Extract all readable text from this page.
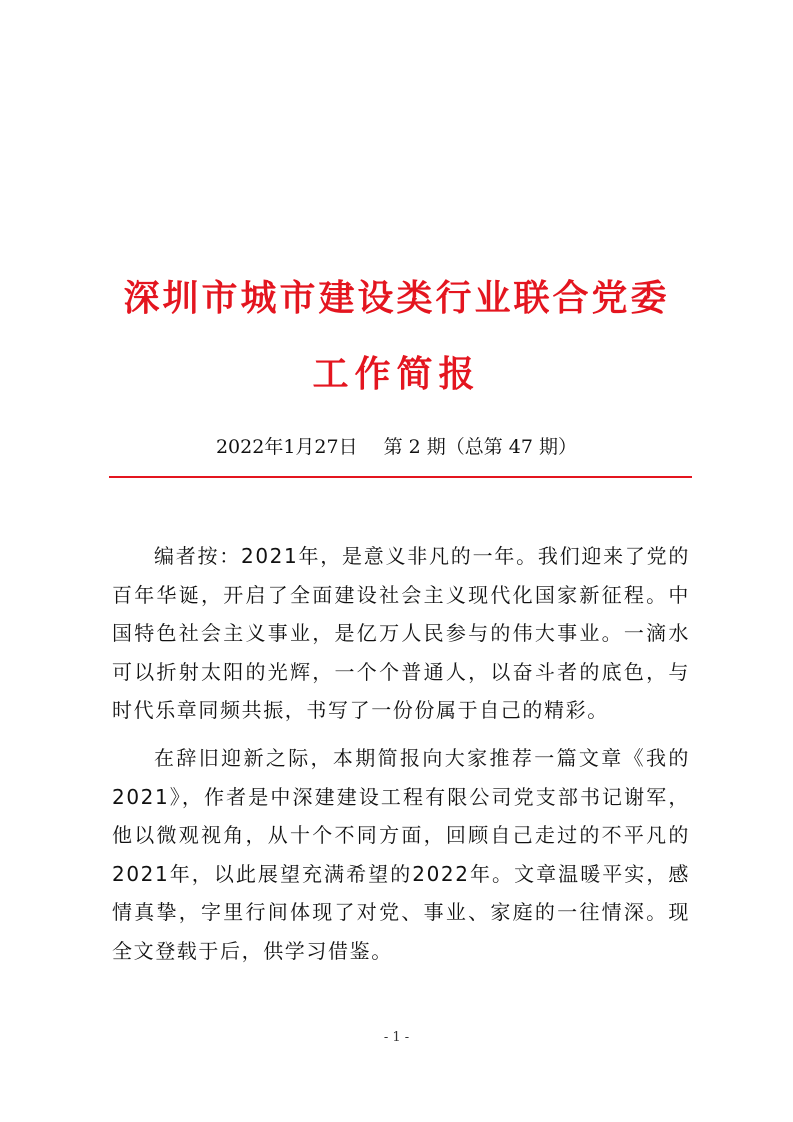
深圳市城市建设类行业联合党委
工作简报
2022年1月27日 第 2 期（总第 47 期）

编者按：2021年，是意义非凡的一年。我们迎来了党的百年华诞，开启了全面建设社会主义现代化国家新征程。中国特色社会主义事业，是亿万人民参与的伟大事业。一滴水可以折射太阳的光辉，一个个普通人，以奋斗者的底色，与时代乐章同频共振，书写了一份份属于自己的精彩。

在辞旧迎新之际，本期简报向大家推荐一篇文章《我的2021》，作者是中深建建设工程有限公司党支部书记谢军，他以微观视角，从十个不同方面，回顾自己走过的不平凡的2021年，以此展望充满希望的2022年。文章温暖平实，感情真挚，字里行间体现了对党、事业、家庭的一往情深。现全文登载于后，供学习借鉴。

- 1 -
